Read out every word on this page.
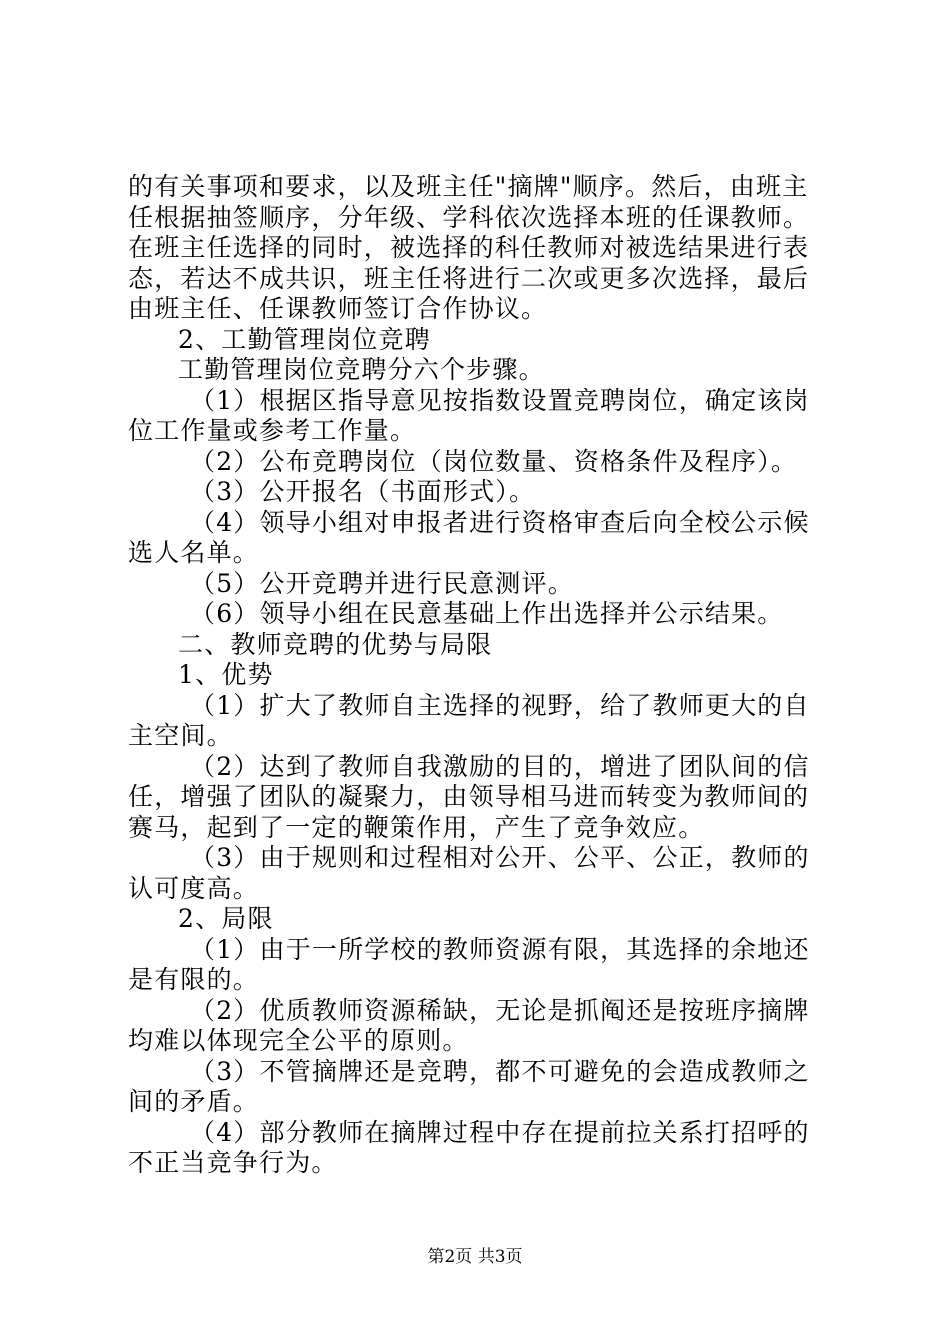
的有关事项和要求，以及班主任"摘牌"顺序。然后，由班主任根据抽签顺序，分年级、学科依次选择本班的任课教师。在班主任选择的同时，被选择的科任教师对被选结果进行表态，若达不成共识，班主任将进行二次或更多次选择，最后由班主任、任课教师签订合作协议。

2、工勤管理岗位竞聘

工勤管理岗位竞聘分六个步骤。

（1）根据区指导意见按指数设置竞聘岗位，确定该岗位工作量或参考工作量。

（2）公布竞聘岗位（岗位数量、资格条件及程序）。

（3）公开报名（书面形式）。

（4）领导小组对申报者进行资格审查后向全校公示候选人名单。

（5）公开竞聘并进行民意测评。

（6）领导小组在民意基础上作出选择并公示结果。

二、教师竞聘的优势与局限

1、优势

（1）扩大了教师自主选择的视野，给了教师更大的自主空间。

（2）达到了教师自我激励的目的，增进了团队间的信任，增强了团队的凝聚力，由领导相马进而转变为教师间的赛马，起到了一定的鞭策作用，产生了竞争效应。

（3）由于规则和过程相对公开、公平、公正，教师的认可度高。

2、局限

（1）由于一所学校的教师资源有限，其选择的余地还是有限的。

（2）优质教师资源稀缺，无论是抓阄还是按班序摘牌均难以体现完全公平的原则。

（3）不管摘牌还是竞聘，都不可避免的会造成教师之间的矛盾。

（4）部分教师在摘牌过程中存在提前拉关系打招呼的不正当竞争行为。

第2页 共3页
